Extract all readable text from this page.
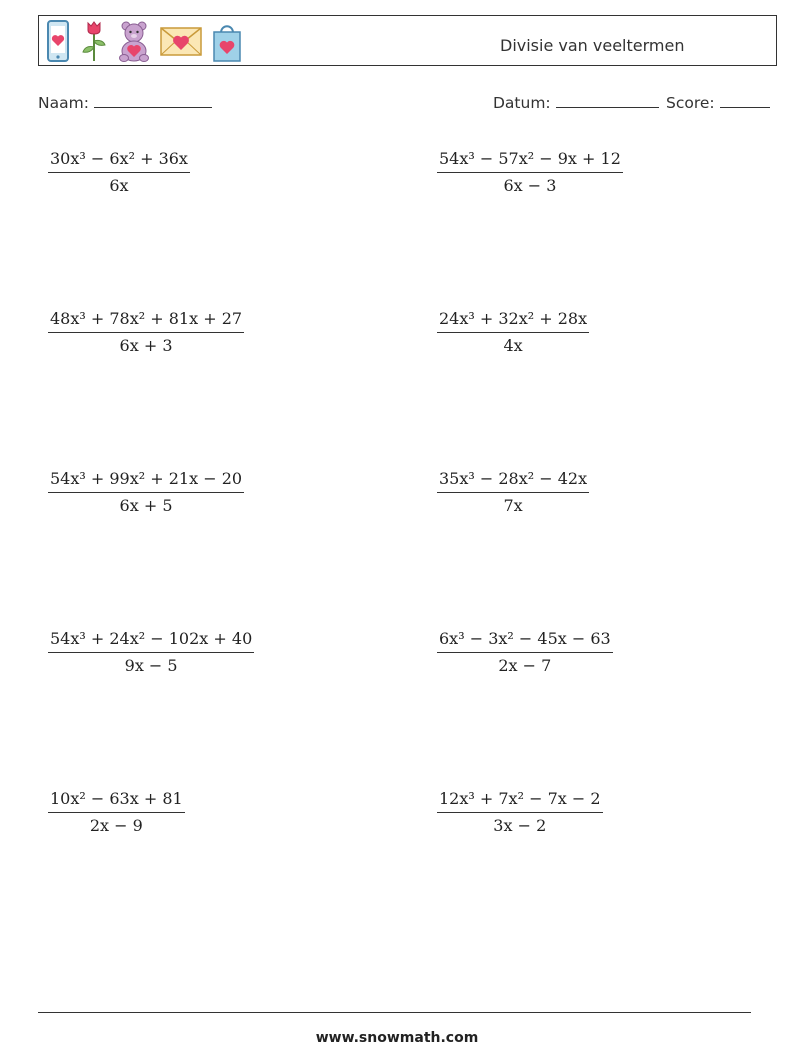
Divisie van veeltermen
Naam:	Datum:	Score:
30x³ − 6x² + 36x
6x
54x³ − 57x² − 9x + 12
6x − 3
48x³ + 78x² + 81x + 27
6x + 3
24x³ + 32x² + 28x
4x
54x³ + 99x² + 21x − 20
6x + 5
35x³ − 28x² − 42x
7x
54x³ + 24x² − 102x + 40
9x − 5
6x³ − 3x² − 45x − 63
2x − 7
10x² − 63x + 81
2x − 9
12x³ + 7x² − 7x − 2
3x − 2
www.snowmath.com
